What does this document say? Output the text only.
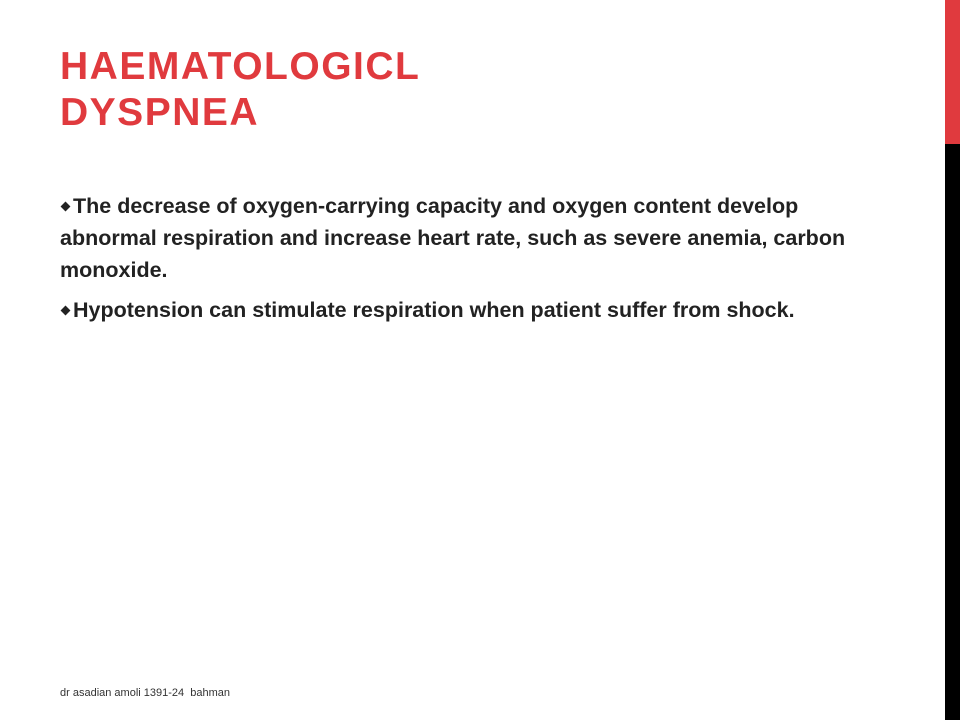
HAEMATOLOGICL
DYSPNEA
The decrease of oxygen-carrying capacity and oxygen content develop abnormal respiration and increase heart rate, such as severe anemia, carbon monoxide.
Hypotension can stimulate respiration when patient suffer from shock.
dr asadian amoli 1391-24  bahman
